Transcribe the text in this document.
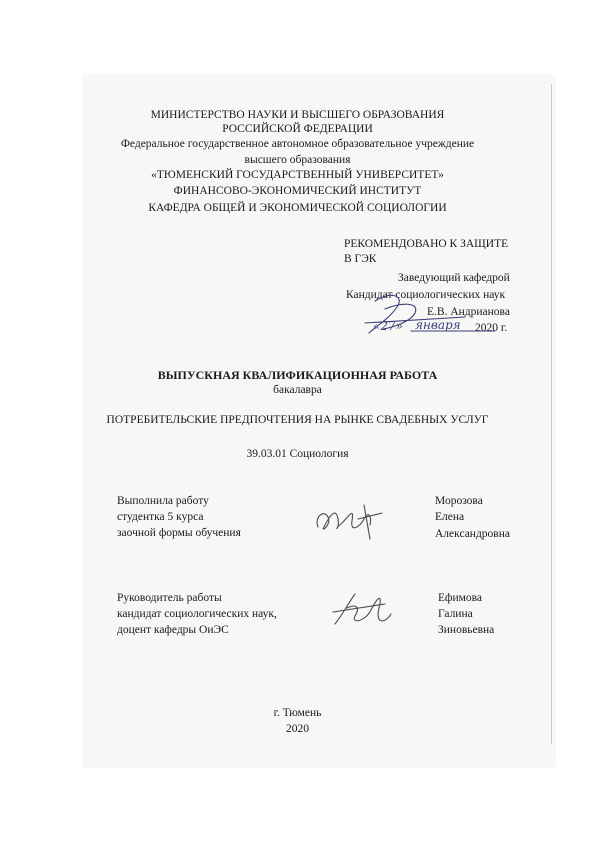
МИНИСТЕРСТВО НАУКИ И ВЫСШЕГО ОБРАЗОВАНИЯ
РОССИЙСКОЙ ФЕДЕРАЦИИ
Федеральное государственное автономное образовательное учреждение
высшего образования
«ТЮМЕНСКИЙ ГОСУДАРСТВЕННЫЙ УНИВЕРСИТЕТ»
ФИНАНСОВО-ЭКОНОМИЧЕСКИЙ ИНСТИТУТ
КАФЕДРА ОБЩЕЙ И ЭКОНОМИЧЕСКОЙ СОЦИОЛОГИИ
РЕКОМЕНДОВАНО К ЗАЩИТЕ
В ГЭК
Заведующий кафедрой
Кандидат социологических наук
Е.В. Андрианова
«27» января 2020 г.
ВЫПУСКНАЯ КВАЛИФИКАЦИОННАЯ РАБОТА
бакалавра
ПОТРЕБИТЕЛЬСКИЕ ПРЕДПОЧТЕНИЯ НА РЫНКЕ СВАДЕБНЫХ УСЛУГ
39.03.01 Социология
Выполнила работу
студентка 5 курса
заочной формы обучения
Морозова
Елена
Александровна
Руководитель работы
кандидат социологических наук,
доцент кафедры ОиЭС
Ефимова
Галина
Зиновьевна
г. Тюмень
2020
